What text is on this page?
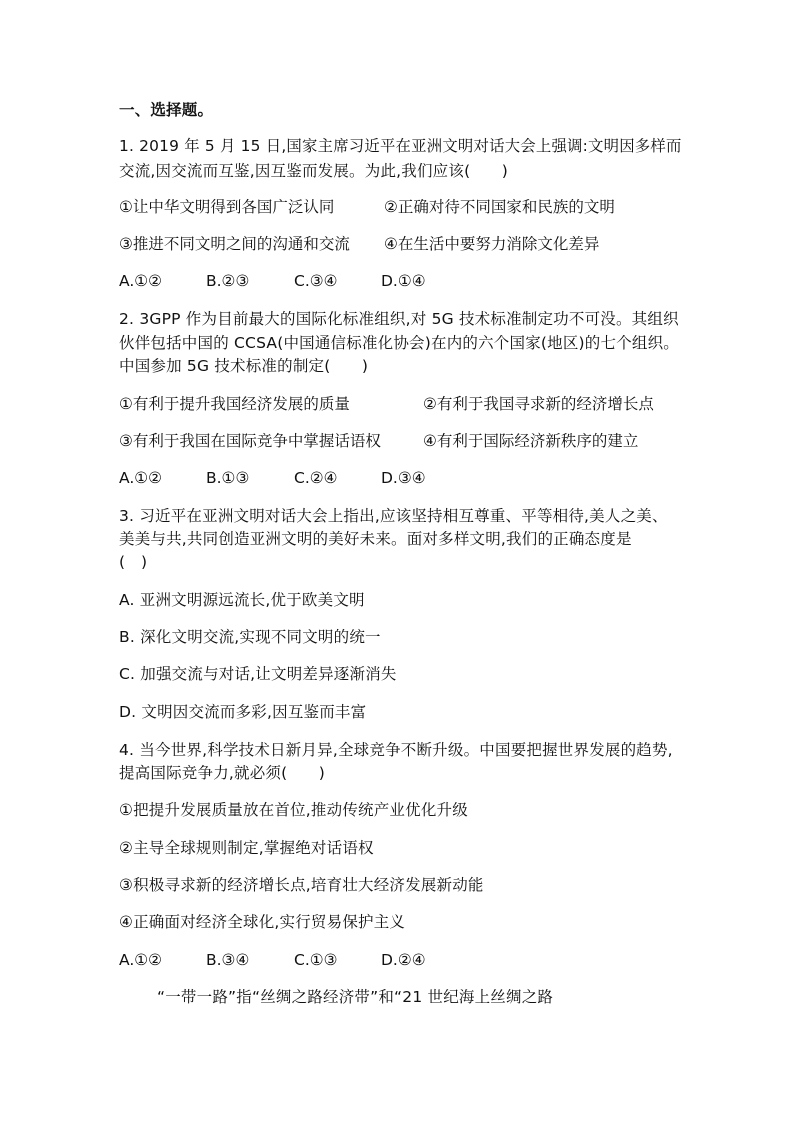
一、选择题。
1. 2019 年 5 月 15 日,国家主席习近平在亚洲文明对话大会上强调:文明因多样而
交流,因交流而互鉴,因互鉴而发展。为此,我们应该(　　)
①让中华文明得到各国广泛认同	②正确对待不同国家和民族的文明
③推进不同文明之间的沟通和交流 ④在生活中要努力消除文化差异
A.①②	B.②③	C.③④	D.①④
2. 3GPP 作为目前最大的国际化标准组织,对 5G 技术标准制定功不可没。其组织
伙伴包括中国的 CCSA(中国通信标准化协会)在内的六个国家(地区)的七个组织。
中国参加 5G 技术标准的制定(　　)
①有利于提升我国经济发展的质量	②有利于我国寻求新的经济增长点
③有利于我国在国际竞争中掌握话语权	④有利于国际经济新秩序的建立
A.①②	B.①③	C.②④	D.③④
3. 习近平在亚洲文明对话大会上指出,应该坚持相互尊重、平等相待,美人之美、
美美与共,共同创造亚洲文明的美好未来。面对多样文明,我们的正确态度是
(　)
A. 亚洲文明源远流长,优于欧美文明
B. 深化文明交流,实现不同文明的统一
C. 加强交流与对话,让文明差异逐渐消失
D. 文明因交流而多彩,因互鉴而丰富
4. 当今世界,科学技术日新月异,全球竞争不断升级。中国要把握世界发展的趋势,
提高国际竞争力,就必须(　　)
①把提升发展质量放在首位,推动传统产业优化升级
②主导全球规则制定,掌握绝对话语权
③积极寻求新的经济增长点,培育壮大经济发展新动能
④正确面对经济全球化,实行贸易保护主义
A.①②	B.③④	C.①③	D.②④
“一带一路”指“丝绸之路经济带”和“21 世纪海上丝绸之路
